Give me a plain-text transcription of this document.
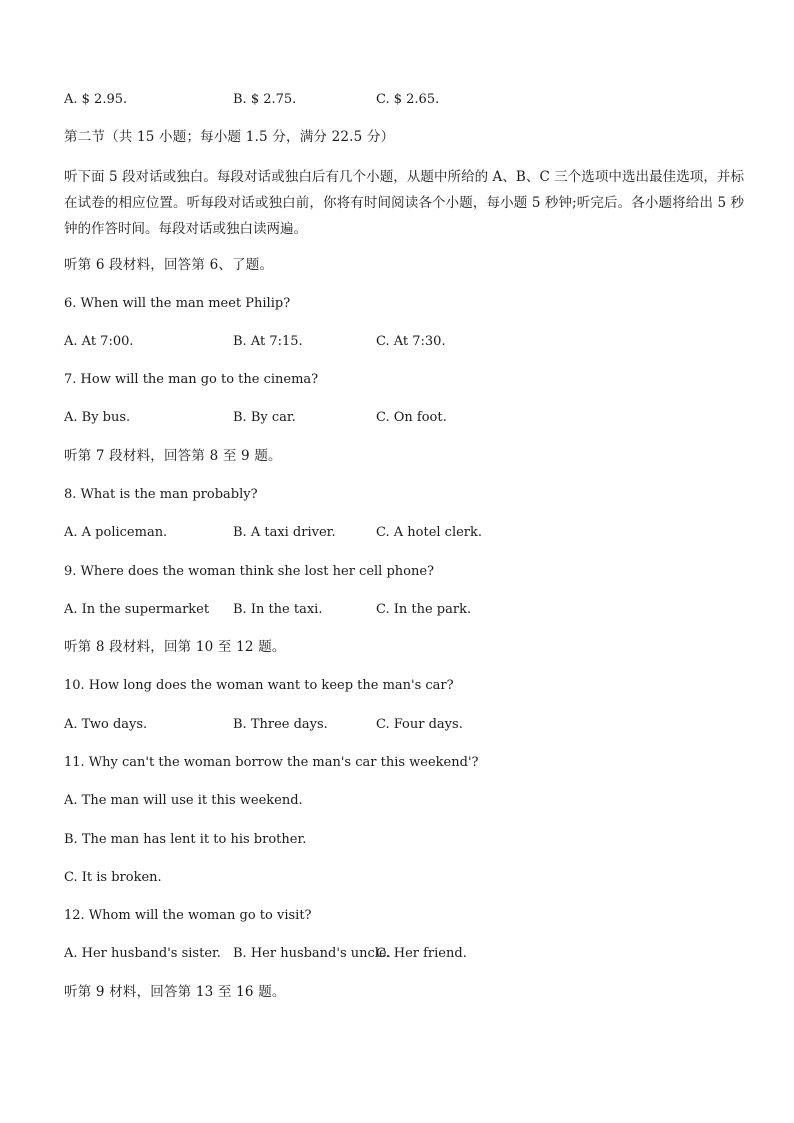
A. $ 2.95.	B. $ 2.75.	C. $ 2.65.
第二节（共 15 小题；每小题 1.5 分，满分 22.5 分）
听下面 5 段对话或独白。每段对话或独白后有几个小题，从题中所给的 A、B、C 三个选项中选出最佳选项，并标在试卷的相应位置。听每段对话或独白前，你将有时间阅读各个小题，每小题 5 秒钟;听完后。各小题将给出 5 秒钟的作答时间。每段对话或独白读两遍。
听第 6 段材料，回答第 6、了题。
6. When will the man meet Philip?
A. At 7:00.	B. At 7:15.	C. At 7:30.
7. How will the man go to the cinema?
A. By bus.	B. By car.	C. On foot.
听第 7 段材料，回答第 8 至 9 题。
8. What is the man probably?
A. A policeman.	B. A taxi driver.	C. A hotel clerk.
9. Where does the woman think she lost her cell phone?
A. In the supermarket B. In the taxi.	C. In the park.
听第 8 段材料，回第 10 至 12 题。
10. How long does the woman want to keep the man's car?
A. Two days.	B. Three days.	C. Four days.
11. Why can't the woman borrow the man's car this weekend'?
A. The man will use it this weekend.
B. The man has lent it to his brother.
C. It is broken.
12. Whom will the woman go to visit?
A. Her husband's sister. B. Her husband's uncle.
C. Her friend.
听第 9 材料，回答第 13 至 16 题。
